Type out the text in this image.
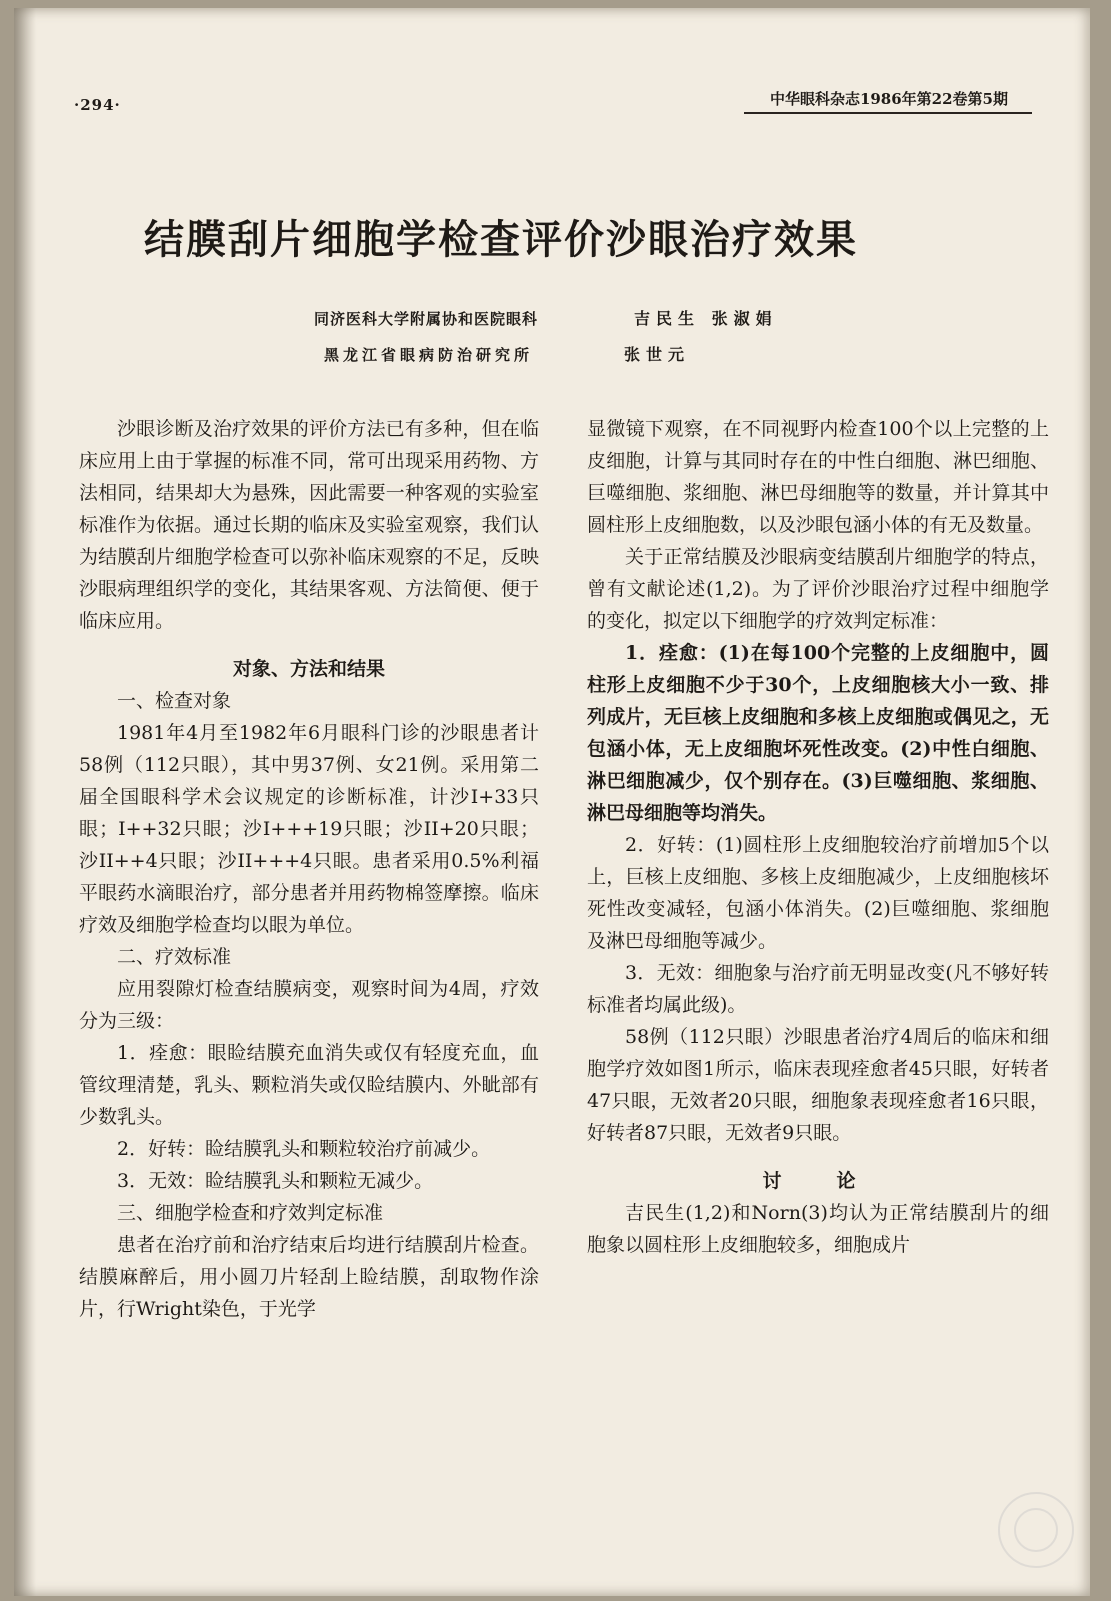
·294·	中华眼科杂志1986年第22卷第5期
结膜刮片细胞学检查评价沙眼治疗效果
同济医科大学附属协和医院眼科	吉民生 张淑娟
黑龙江省眼病防治研究所	张世元

沙眼诊断及治疗效果的评价方法已有多种，但在临床应用上由于掌握的标准不同，常可出现采用药物、方法相同，结果却大为悬殊，因此需要一种客观的实验室标准作为依据。通过长期的临床及实验室观察，我们认为结膜刮片细胞学检查可以弥补临床观察的不足，反映沙眼病理组织学的变化，其结果客观、方法简便、便于临床应用。

对象、方法和结果

一、检查对象

1981年4月至1982年6月眼科门诊的沙眼患者计58例（112只眼），其中男37例、女21例。采用第二届全国眼科学术会议规定的诊断标准，计沙I+33只眼；I++32只眼；沙I+++19只眼；沙II+20只眼；沙II++4只眼；沙II+++4只眼。患者采用0.5%利福平眼药水滴眼治疗，部分患者并用药物棉签摩擦。临床疗效及细胞学检查均以眼为单位。

二、疗效标准

应用裂隙灯检查结膜病变，观察时间为4周，疗效分为三级：

1．痊愈：眼睑结膜充血消失或仅有轻度充血，血管纹理清楚，乳头、颗粒消失或仅睑结膜内、外眦部有少数乳头。

2．好转：睑结膜乳头和颗粒较治疗前减少。

3．无效：睑结膜乳头和颗粒无减少。

三、细胞学检查和疗效判定标准

患者在治疗前和治疗结束后均进行结膜刮片检查。结膜麻醉后，用小圆刀片轻刮上睑结膜，刮取物作涂片，行Wright染色，于光学

显微镜下观察，在不同视野内检查100个以上完整的上皮细胞，计算与其同时存在的中性白细胞、淋巴细胞、巨噬细胞、浆细胞、淋巴母细胞等的数量，并计算其中圆柱形上皮细胞数，以及沙眼包涵小体的有无及数量。

关于正常结膜及沙眼病变结膜刮片细胞学的特点，曾有文献论述(1,2)。为了评价沙眼治疗过程中细胞学的变化，拟定以下细胞学的疗效判定标准：

1．痊愈：(1)在每100个完整的上皮细胞中，圆柱形上皮细胞不少于30个，上皮细胞核大小一致、排列成片，无巨核上皮细胞和多核上皮细胞或偶见之，无包涵小体，无上皮细胞坏死性改变。(2)中性白细胞、淋巴细胞减少，仅个别存在。(3)巨噬细胞、浆细胞、淋巴母细胞等均消失。

2．好转：(1)圆柱形上皮细胞较治疗前增加5个以上，巨核上皮细胞、多核上皮细胞减少，上皮细胞核坏死性改变减轻，包涵小体消失。(2)巨噬细胞、浆细胞及淋巴母细胞等减少。

3．无效：细胞象与治疗前无明显改变(凡不够好转标准者均属此级)。

58例（112只眼）沙眼患者治疗4周后的临床和细胞学疗效如图1所示，临床表现痊愈者45只眼，好转者47只眼，无效者20只眼，细胞象表现痊愈者16只眼，好转者87只眼，无效者9只眼。

讨　论

吉民生(1,2)和Norn(3)均认为正常结膜刮片的细胞象以圆柱形上皮细胞较多，细胞成片
